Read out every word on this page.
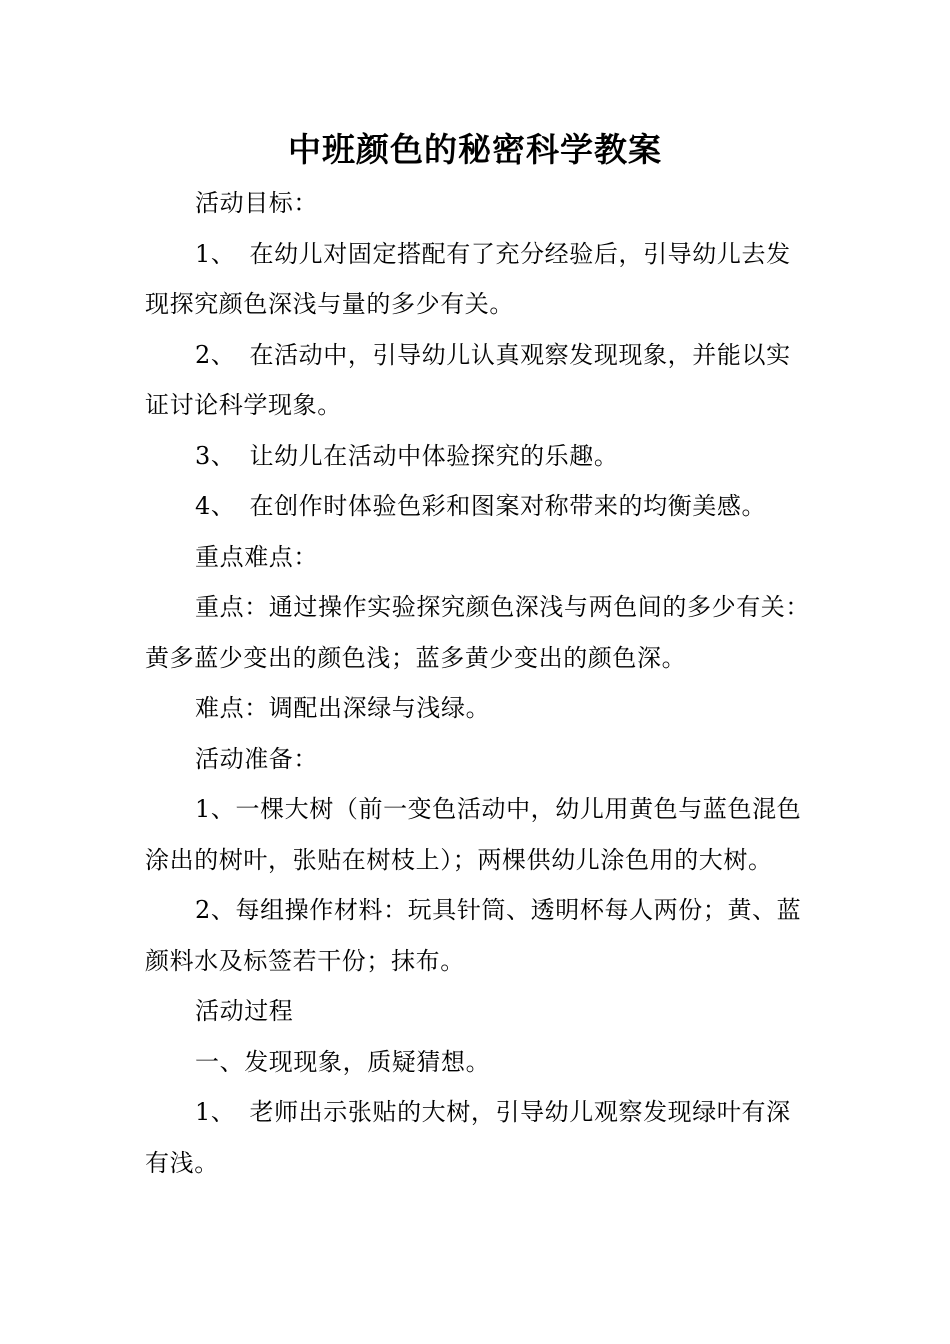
中班颜色的秘密科学教案

活动目标：

1、 在幼儿对固定搭配有了充分经验后，引导幼儿去发现探究颜色深浅与量的多少有关。

2、 在活动中，引导幼儿认真观察发现现象，并能以实证讨论科学现象。

3、 让幼儿在活动中体验探究的乐趣。

4、 在创作时体验色彩和图案对称带来的均衡美感。

重点难点：

重点：通过操作实验探究颜色深浅与两色间的多少有关：黄多蓝少变出的颜色浅；蓝多黄少变出的颜色深。

难点：调配出深绿与浅绿。

活动准备：

1、一棵大树（前一变色活动中，幼儿用黄色与蓝色混色涂出的树叶，张贴在树枝上）；两棵供幼儿涂色用的大树。

2、每组操作材料：玩具针筒、透明杯每人两份；黄、蓝颜料水及标签若干份；抹布。

活动过程

一、发现现象，质疑猜想。

1、 老师出示张贴的大树，引导幼儿观察发现绿叶有深有浅。
